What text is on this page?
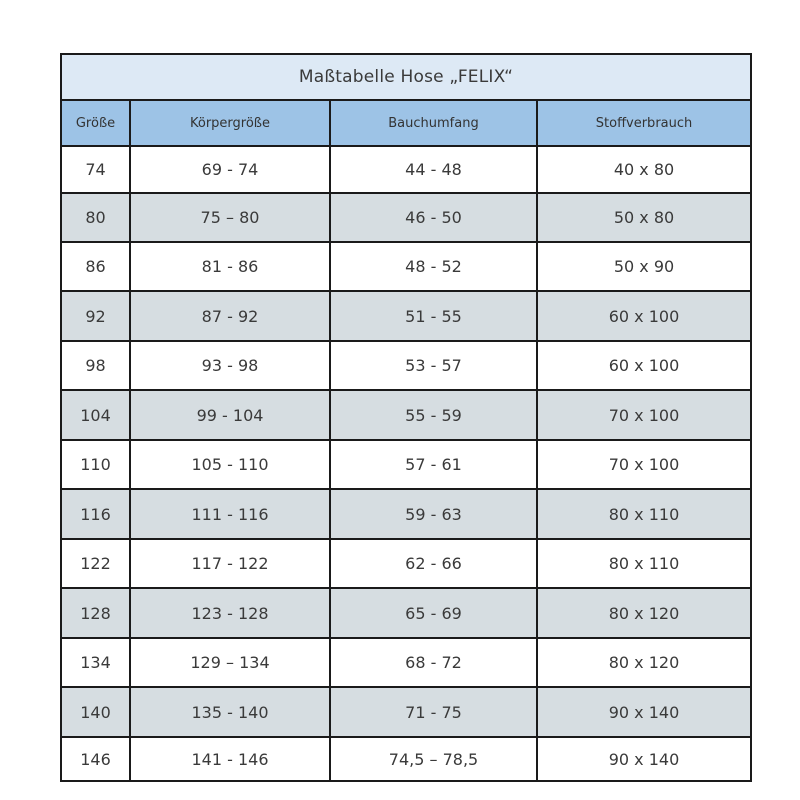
Maßtabelle Hose „FELIX“			
Größe	Körpergröße	Bauchumfang	Stoffverbrauch
74	69 - 74	44 - 48	40 x 80
80	75 – 80	46 - 50	50 x 80
86	81 - 86	48 - 52	50 x 90
92	87 - 92	51 - 55	60 x 100
98	93 - 98	53 - 57	60 x 100
104	99 - 104	55 - 59	70 x 100
110	105 - 110	57 - 61	70 x 100
116	111 - 116	59 - 63	80 x 110
122	117 - 122	62 - 66	80 x 110
128	123 - 128	65 - 69	80 x 120
134	129 – 134	68 - 72	80 x 120
140	135 - 140	71 - 75	90 x 140
146	141 - 146	74,5 – 78,5	90 x 140
